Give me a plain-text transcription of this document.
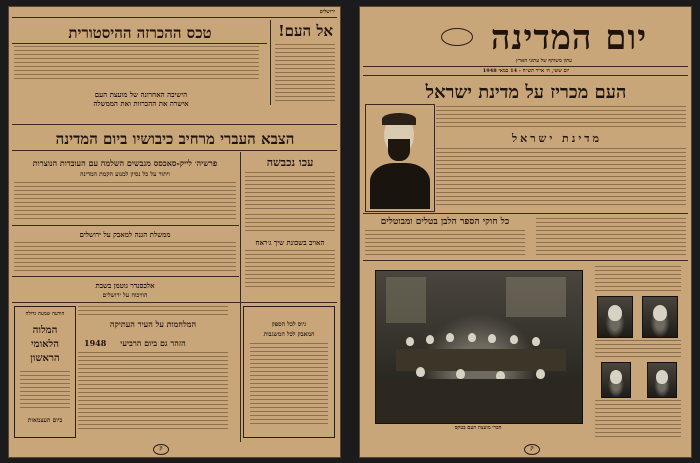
ירושלים
אל העם!
טכס ההכרזה ההיסטורית
הישיבה האחרונה של מועצת העם
אישרה את ההכרזות ואת הממשלה
הצבא העברי מרחיב כיבושיו ביום המדינה
עכו נכבשה
פרשיה׳ לייק-סאכסס מגבשים השלמה עם העובדות הנוצרות
ויתור על כל נסיון למנוע הקמת המדינה
ממשלת הגנה למאבק על ירושלים
האויב בשכונת שיך ג׳ראח
אלכסנדר גוטמן בשבת
הוויכוח על ירושלים
המלחמות על העיר העתיקה
הזהר גם ביום הרביעי
1948
הודעה שמעת גדולה
המלוה
הלאומי
הראשון
ביום העצמאות
גיוס לכל הספק
המאבק לכל המשגבות
ק
יום המדינה
עתון משותף של עתוני הארץ
יום ששי, ה׳ אייר תש״ח - 14 במאי 1948
העם מכריז על מדינת ישראל
מדינת ישראל
כל חוקי הספר הלבן בטלים ומבוטלים
חברי מועצת העם בטקס
ק
